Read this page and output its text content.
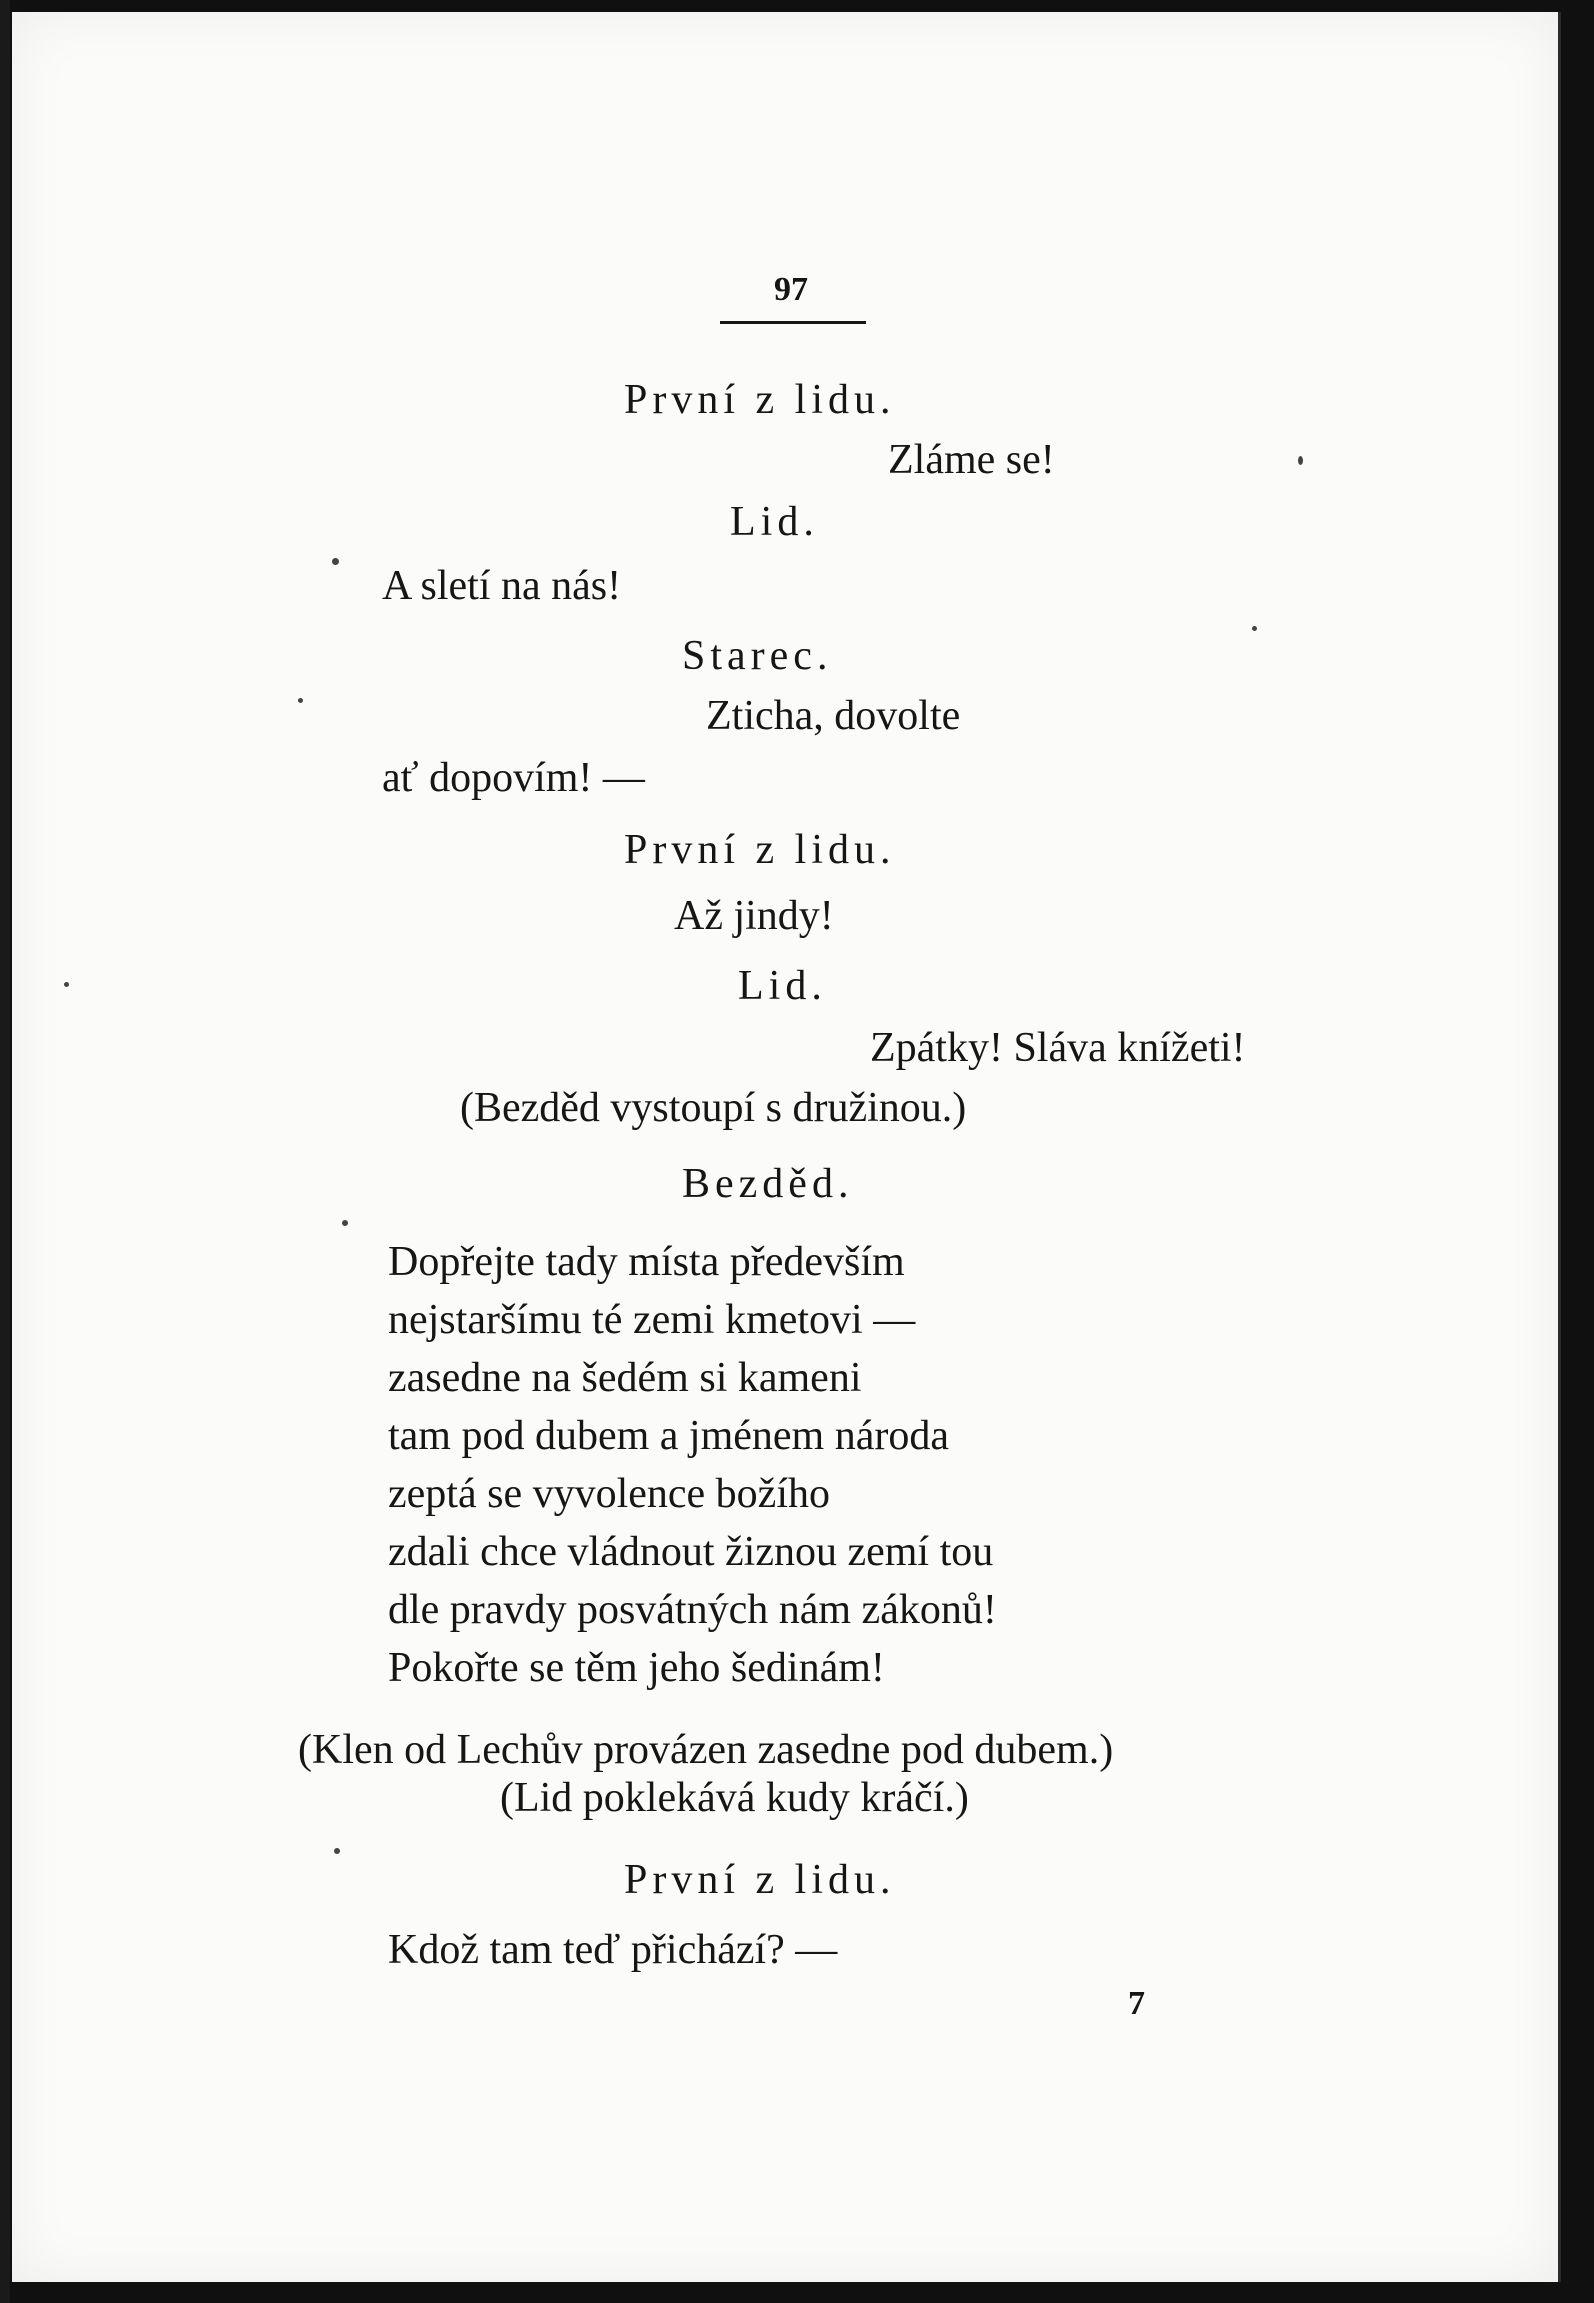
97
První z lidu.
Zláme se!
Lid.
A sletí na nás!
Starec.
Zticha, dovolte
ať dopovím! —
První z lidu.
Až jindy!
Lid.
Zpátky! Sláva knížeti!
(Bezděd vystoupí s družinou.)
Bezděd.
Dopřejte tady místa především
nejstaršímu té zemi kmetovi —
zasedne na šedém si kameni
tam pod dubem a jménem národa
zeptá se vyvolence božího
zdali chce vládnout žiznou zemí tou
dle pravdy posvátných nám zákonů!
Pokořte se těm jeho šedinám!
(Klen od Lechův provázen zasedne pod dubem.)
(Lid poklekává kudy kráčí.)
První z lidu.
Kdož tam teď přichází? —
7
